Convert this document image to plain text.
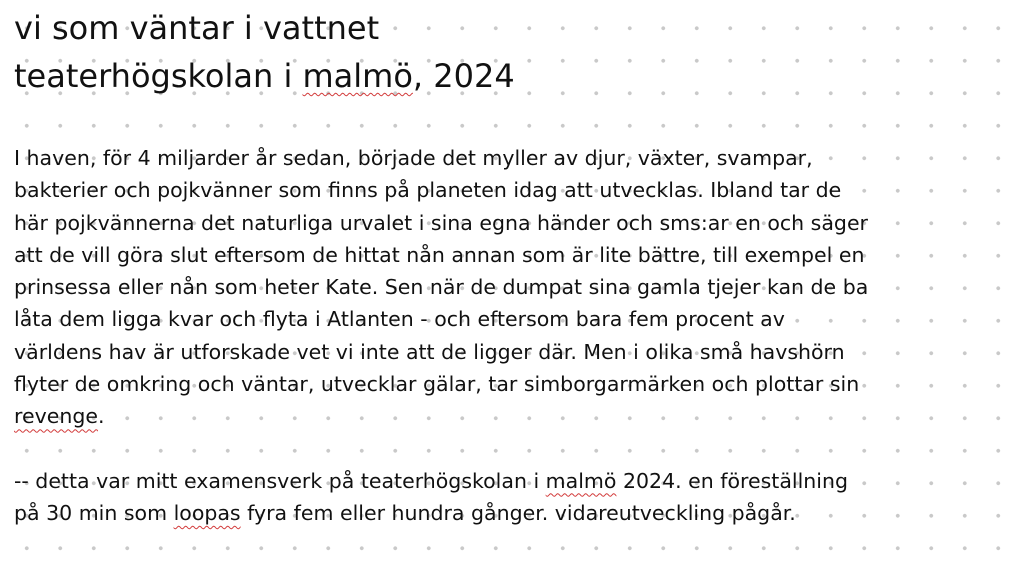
vi som väntar i vattnet
teaterhögskolan i malmö, 2024

I haven, för 4 miljarder år sedan, började det myller av djur, växter, svampar,
bakterier och pojkvänner som finns på planeten idag att utvecklas. Ibland tar de
här pojkvännerna det naturliga urvalet i sina egna händer och sms:ar en och säger
att de vill göra slut eftersom de hittat nån annan som är lite bättre, till exempel en
prinsessa eller nån som heter Kate. Sen när de dumpat sina gamla tjejer kan de ba
låta dem ligga kvar och flyta i Atlanten - och eftersom bara fem procent av
världens hav är utforskade vet vi inte att de ligger där. Men i olika små havshörn
flyter de omkring och väntar, utvecklar gälar, tar simborgarmärken och plottar sin
revenge.

-- detta var mitt examensverk på teaterhögskolan i malmö 2024. en föreställning
på 30 min som loopas fyra fem eller hundra gånger. vidareutveckling pågår.
